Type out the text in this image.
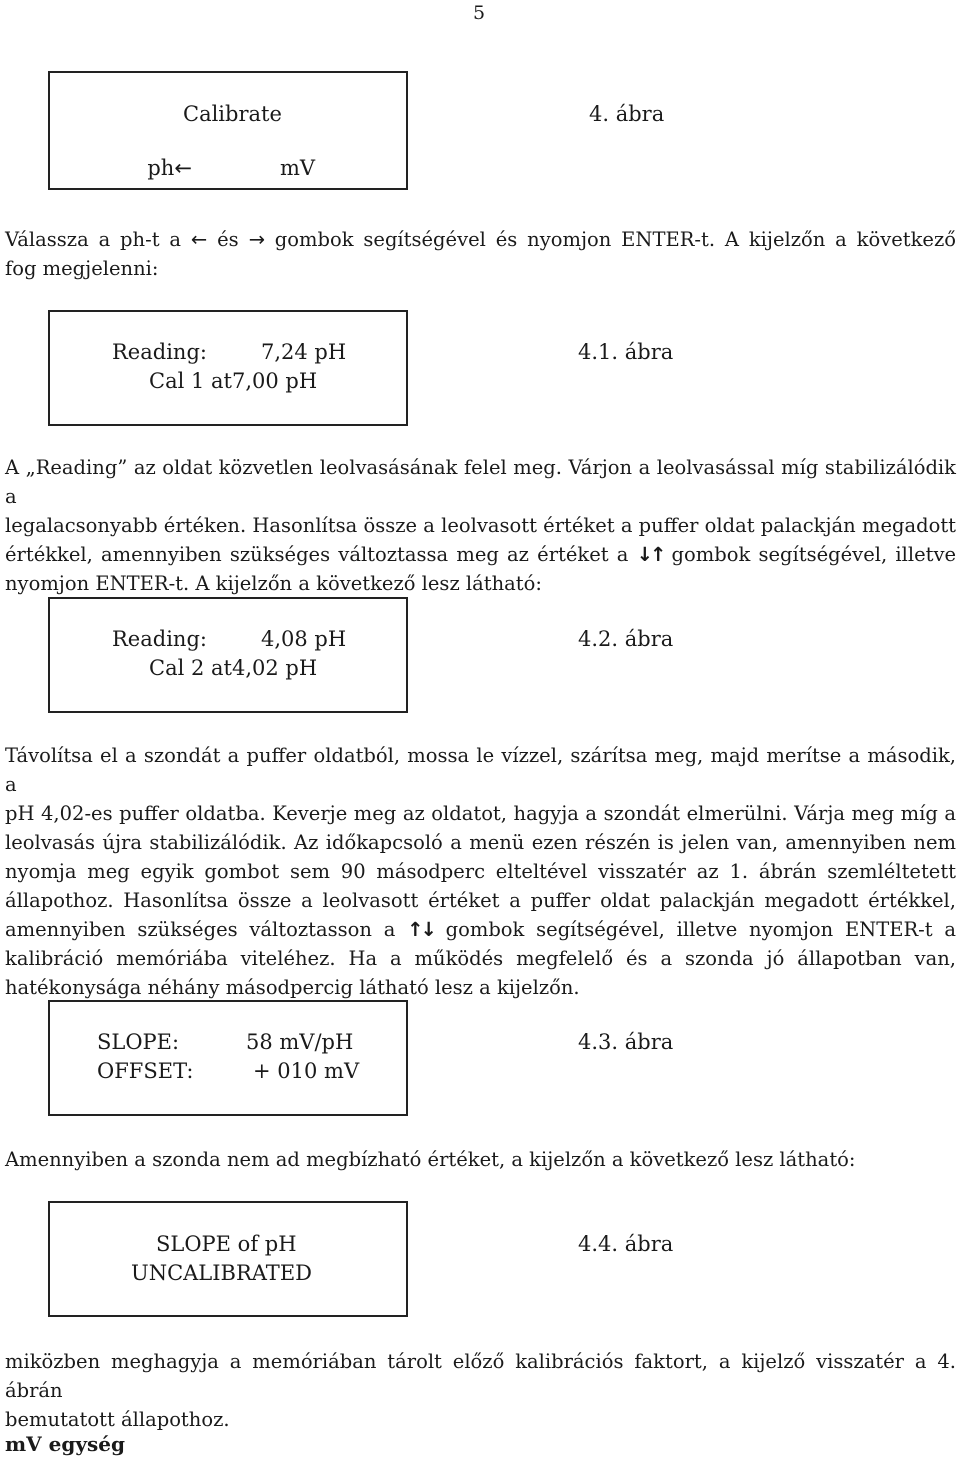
5
Calibrate

ph←	mV

4. ábra

Válassza a ph-t a ← és → gombok segítségével és nyomjon ENTER-t. A kijelzőn a következő

fog megjelenni:

Reading:	7,24 pH
Cal 1 at7,00 pH
4.1. ábra

A „Reading” az oldat közvetlen leolvasásának felel meg. Várjon a leolvasással míg stabilizálódik a

legalacsonyabb értéken. Hasonlítsa össze a leolvasott értéket a puffer oldat palackján megadott

értékkel, amennyiben szükséges változtassa meg az értéket a ↓↑ gombok segítségével, illetve

nyomjon ENTER-t. A kijelzőn a következő lesz látható:

Reading:	4,08 pH
Cal 2 at4,02 pH
4.2. ábra

Távolítsa el a szondát a puffer oldatból, mossa le vízzel, szárítsa meg, majd merítse a második, a

pH 4,02-es puffer oldatba. Keverje meg az oldatot, hagyja a szondát elmerülni. Várja meg míg a

leolvasás újra stabilizálódik. Az időkapcsoló a menü ezen részén is jelen van, amennyiben nem

nyomja meg egyik gombot sem 90 másodperc elteltével visszatér az 1. ábrán szemléltetett

állapothoz. Hasonlítsa össze a leolvasott értéket a puffer oldat palackján megadott értékkel,

amennyiben szükséges változtasson a ↑↓ gombok segítségével, illetve nyomjon ENTER-t a

kalibráció memóriába viteléhez. Ha a működés megfelelő és a szonda jó állapotban van,

hatékonysága néhány másodpercig látható lesz a kijelzőn.

SLOPE:	58 mV/pH
OFFSET:	+ 010 mV
4.3. ábra

Amennyiben a szonda nem ad megbízható értéket, a kijelzőn a következő lesz látható:

SLOPE of pH
UNCALIBRATED
4.4. ábra

miközben meghagyja a memóriában tárolt előző kalibrációs faktort, a kijelző visszatér a 4. ábrán

bemutatott állapothoz.

mV egység
